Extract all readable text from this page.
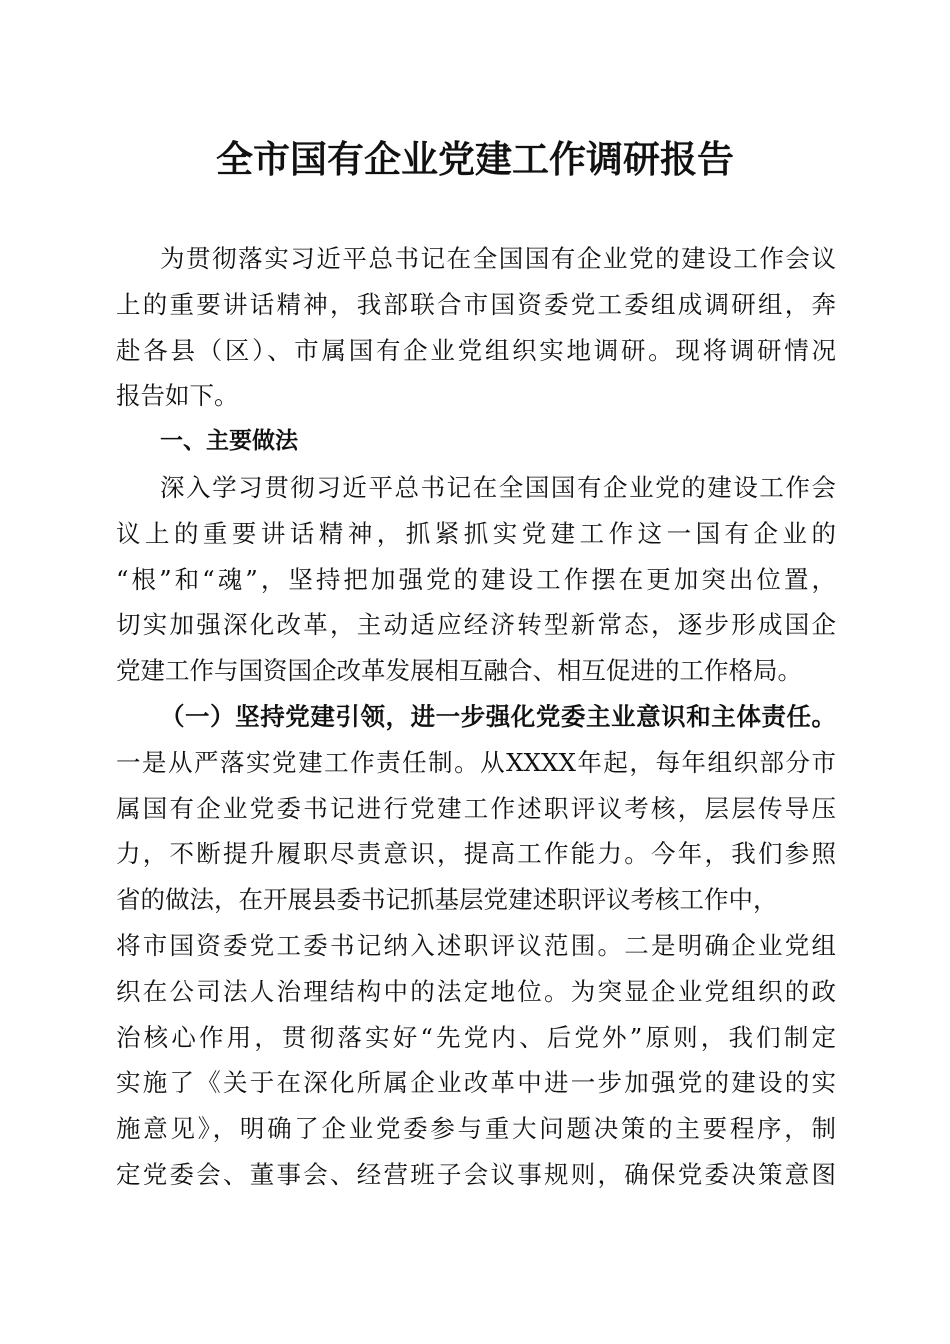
全市国有企业党建工作调研报告
为贯彻落实习近平总书记在全国国有企业党的建设工作会议
上的重要讲话精神，我部联合市国资委党工委组成调研组，奔
赴各县（区）、市属国有企业党组织实地调研。现将调研情况
报告如下。
一、主要做法
深入学习贯彻习近平总书记在全国国有企业党的建设工作会
议上的重要讲话精神，抓紧抓实党建工作这一国有企业的
“根”和“魂”，坚持把加强党的建设工作摆在更加突出位置，
切实加强深化改革，主动适应经济转型新常态，逐步形成国企
党建工作与国资国企改革发展相互融合、相互促进的工作格局。
（一）坚持党建引领，进一步强化党委主业意识和主体责任。
一是从严落实党建工作责任制。从XXXX年起，每年组织部分市
属国有企业党委书记进行党建工作述职评议考核，层层传导压
力，不断提升履职尽责意识，提高工作能力。今年，我们参照
省的做法，在开展县委书记抓基层党建述职评议考核工作中，
将市国资委党工委书记纳入述职评议范围。二是明确企业党组
织在公司法人治理结构中的法定地位。为突显企业党组织的政
治核心作用，贯彻落实好“先党内、后党外”原则，我们制定
实施了《关于在深化所属企业改革中进一步加强党的建设的实
施意见》，明确了企业党委参与重大问题决策的主要程序，制
定党委会、董事会、经营班子会议事规则，确保党委决策意图
